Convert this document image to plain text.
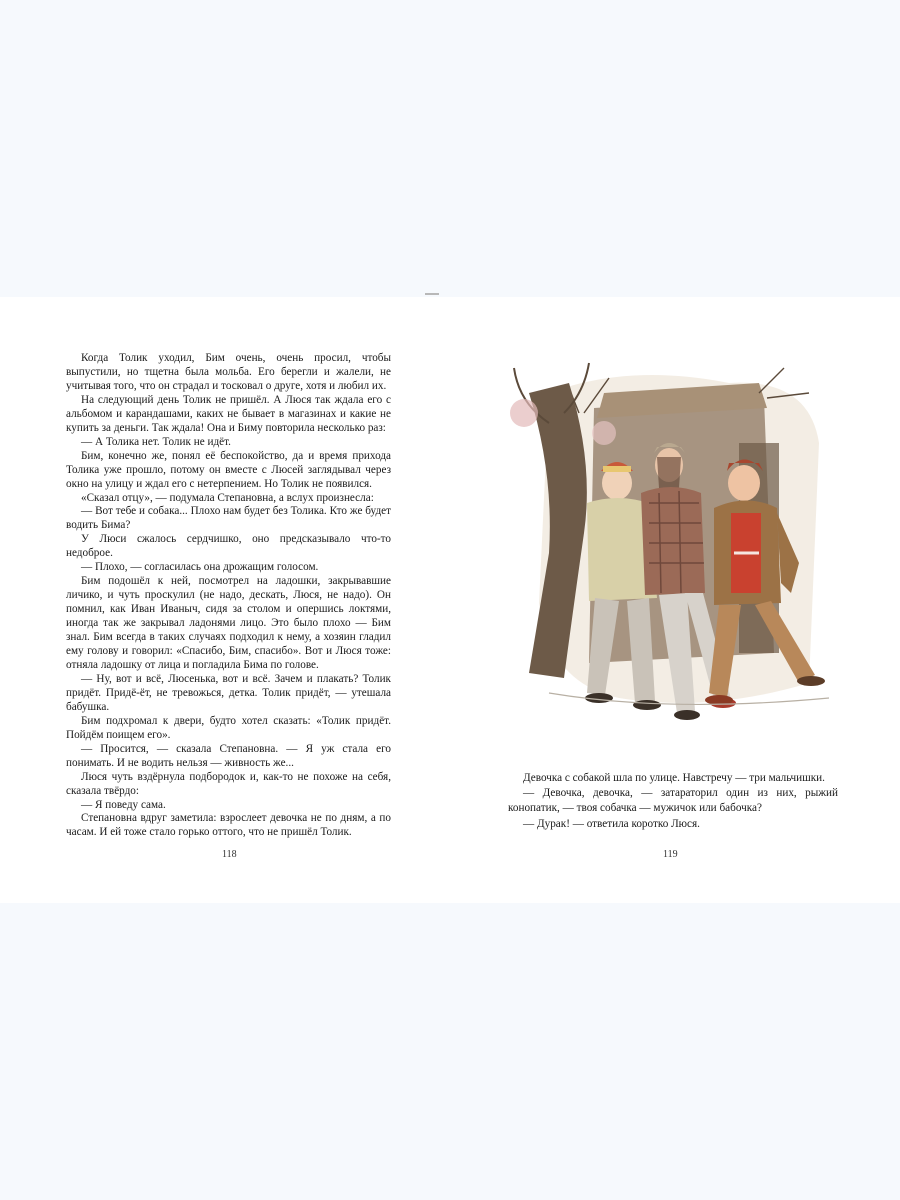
Когда Толик уходил, Бим очень, очень просил, чтобы выпустили, но тщетна была мольба. Его берегли и жалели, не учитывая того, что он страдал и тосковал о друге, хотя и любил их.

На следующий день Толик не пришёл. А Люся так ждала его с альбомом и карандашами, каких не бывает в магазинах и какие не купить за деньги. Так ждала! Она и Биму повторила несколько раз:

— А Толика нет. Толик не идёт.

Бим, конечно же, понял её беспокойство, да и время прихода Толика уже прошло, потому он вместе с Люсей заглядывал через окно на улицу и ждал его с нетерпением. Но Толик не появился.

«Сказал отцу», — подумала Степановна, а вслух произнесла:

— Вот тебе и собака... Плохо нам будет без Толика. Кто же будет водить Бима?

У Люси сжалось сердчишко, оно предсказывало что-то недоброе.

— Плохо, — согласилась она дрожащим голосом.

Бим подошёл к ней, посмотрел на ладошки, закрывавшие личико, и чуть проскулил (не надо, дескать, Люся, не надо). Он помнил, как Иван Иваныч, сидя за столом и опершись локтями, иногда так же закрывал ладонями лицо. Это было плохо — Бим знал. Бим всегда в таких случаях подходил к нему, а хозяин гладил ему голову и говорил: «Спасибо, Бим, спасибо». Вот и Люся тоже: отняла ладошку от лица и погладила Бима по голове.

— Ну, вот и всё, Люсенька, вот и всё. Зачем и плакать? Толик придёт. Придё-ёт, не тревожься, детка. Толик придёт, — утешала бабушка.

Бим подхромал к двери, будто хотел сказать: «Толик придёт. Пойдём поищем его».

— Просится, — сказала Степановна. — Я уж стала его понимать. И не водить нельзя — живность же...

Люся чуть вздёрнула подбородок и, как-то не похоже на себя, сказала твёрдо:

— Я поведу сама.

Степановна вдруг заметила: взрослеет девочка не по дням, а по часам. И ей тоже стало горько оттого, что не пришёл Толик.

118

Девочка с собакой шла по улице. Навстречу — три мальчишки.

— Девочка, девочка, — затараторил один из них, рыжий конопатик, — твоя собачка — мужичок или бабочка?

— Дурак! — ответила коротко Люся.

119
